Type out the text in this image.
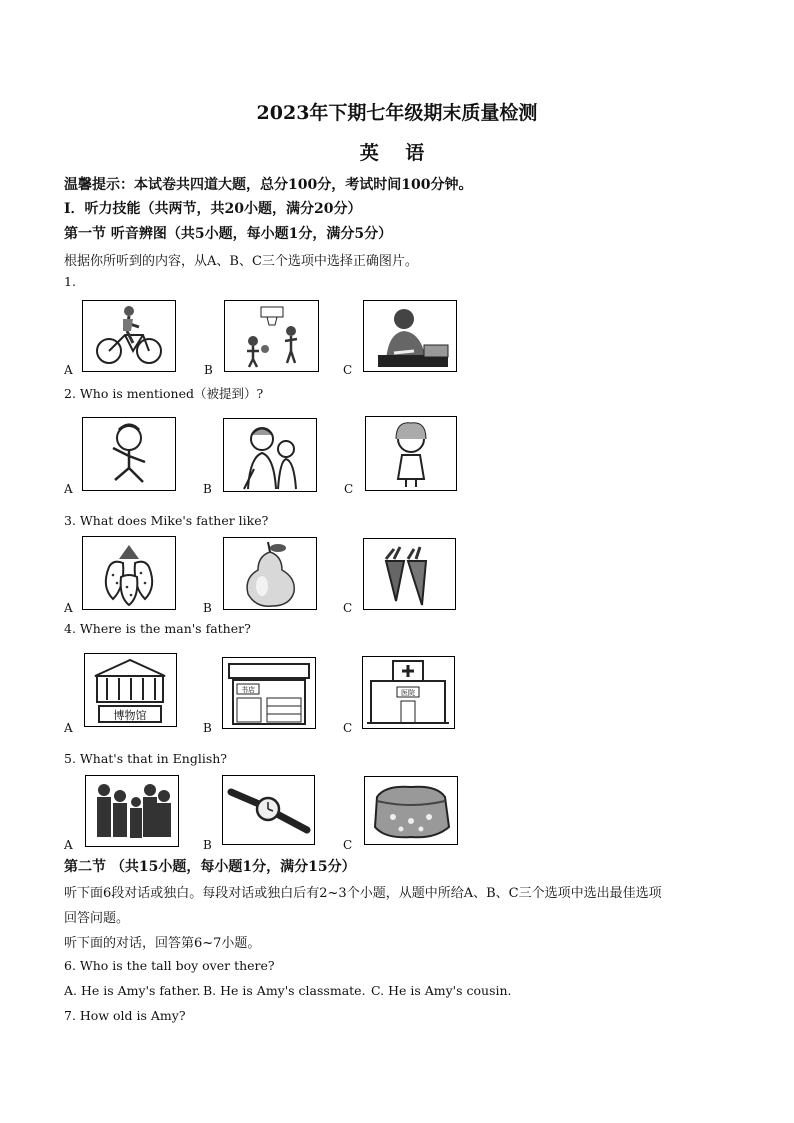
2023年下期七年级期末质量检测
英 语
温馨提示：本试卷共四道大题，总分100分，考试时间100分钟。
Ⅰ．听力技能（共两节，共20小题，满分20分）
第一节 听音辨图（共5小题，每小题1分，满分5分）
根据你所听到的内容，从A、B、C三个选项中选择正确图片。
1.
A	B	C
2. Who is mentioned（被提到）?
A	B	C
3. What does Mike's father like?
A	B	C
4. Where is the man's father?
博物馆
A
书店
B
医院
C
5. What's that in English?
A	B	C
第二节 （共15小题，每小题1分，满分15分）
听下面6段对话或独白。每段对话或独白后有2~3个小题，从题中所给A、B、C三个选项中选出最佳选项
回答问题。
听下面的对话，回答第6~7小题。
6. Who is the tall boy over there?
A. He is Amy's father. B. He is Amy's classmate. C. He is Amy's cousin.
7. How old is Amy?
